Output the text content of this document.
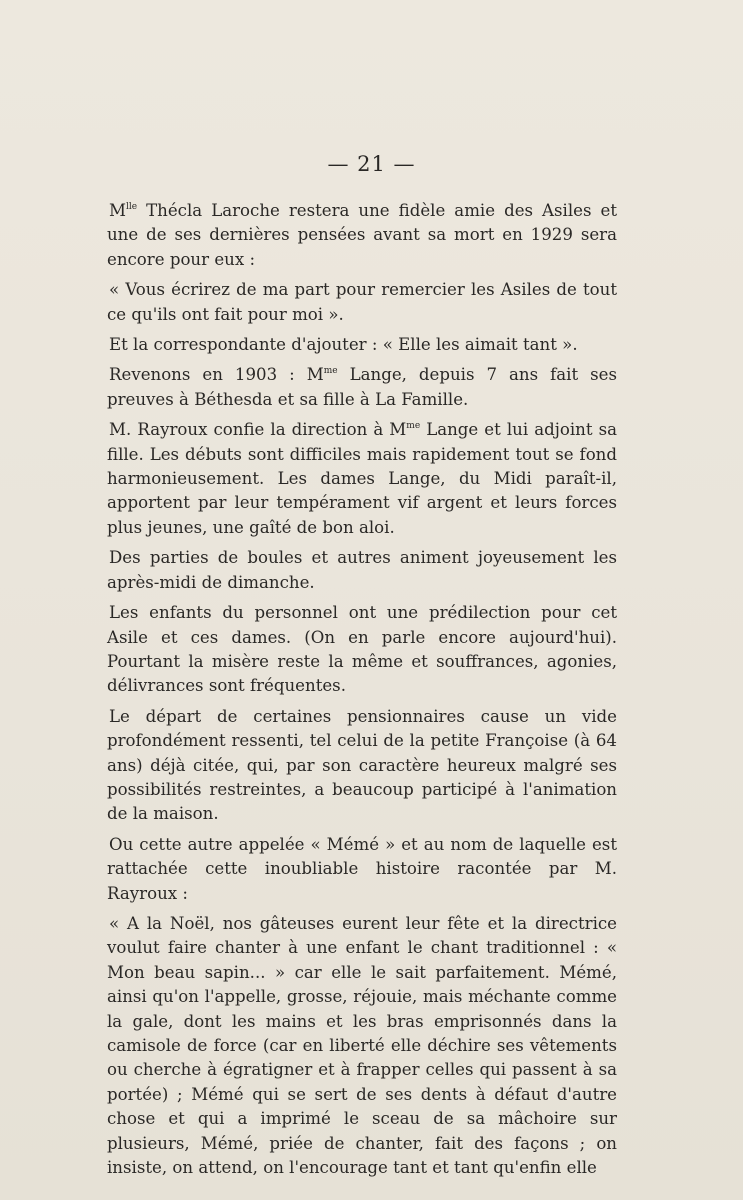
— 21 —

$M^{lle}$ Thécla Laroche restera une fidèle amie des Asiles et une de ses dernières pensées avant sa mort en 1929 sera encore pour eux :

« Vous écrirez de ma part pour remercier les Asiles de tout ce qu'ils ont fait pour moi ».

Et la correspondante d'ajouter : « Elle les aimait tant ».

Revenons en 1903 : $M^{me}$ Lange, depuis 7 ans fait ses preuves à Béthesda et sa fille à La Famille.

M. Rayroux confie la direction à $M^{me}$ Lange et lui adjoint sa fille. Les débuts sont difficiles mais rapidement tout se fond harmonieusement. Les dames Lange, du Midi paraît-il, apportent par leur tempérament vif argent et leurs forces plus jeunes, une gaîté de bon aloi.

Des parties de boules et autres animent joyeusement les après-midi de dimanche.

Les enfants du personnel ont une prédilection pour cet Asile et ces dames. (On en parle encore aujourd'hui). Pourtant la misère reste la même et souffrances, agonies, délivrances sont fréquentes.

Le départ de certaines pensionnaires cause un vide profondément ressenti, tel celui de la petite Françoise (à 64 ans) déjà citée, qui, par son caractère heureux malgré ses possibilités restreintes, a beaucoup participé à l'animation de la maison.

Ou cette autre appelée « Mémé » et au nom de laquelle est rattachée cette inoubliable histoire racontée par M. Rayroux :

« A la Noël, nos gâteuses eurent leur fête et la directrice voulut faire chanter à une enfant le chant traditionnel : « Mon beau sapin... » car elle le sait parfaitement. Mémé, ainsi qu'on l'appelle, grosse, réjouie, mais méchante comme la gale, dont les mains et les bras emprisonnés dans la camisole de force (car en liberté elle déchire ses vêtements ou cherche à égratigner et à frapper celles qui passent à sa portée) ; Mémé qui se sert de ses dents à défaut d'autre chose et qui a imprimé le sceau de sa mâchoire sur plusieurs, Mémé, priée de chanter, fait des façons ; on insiste, on attend, on l'encourage tant et tant qu'enfin elle
